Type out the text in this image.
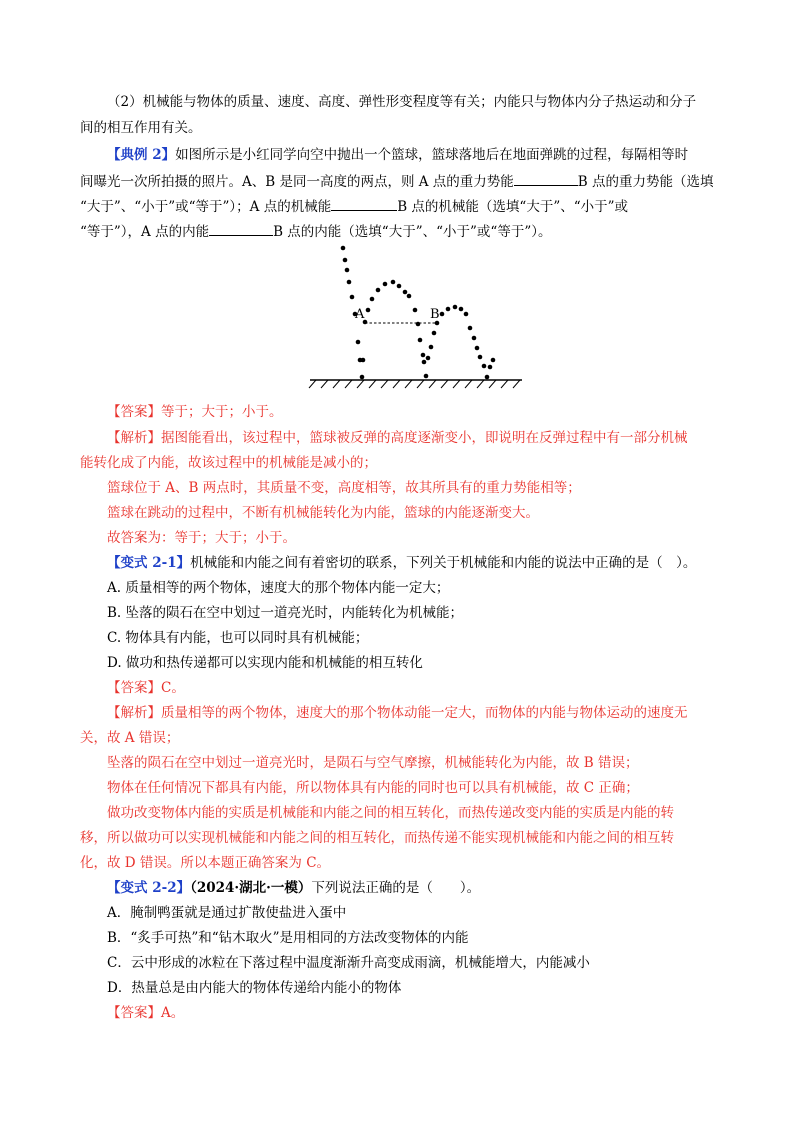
（2）机械能与物体的质量、速度、高度、弹性形变程度等有关；内能只与物体内分子热运动和分子
间的相互作用有关。
【典例 2】如图所示是小红同学向空中抛出一个篮球，篮球落地后在地面弹跳的过程，每隔相等时
间曝光一次所拍摄的照片。A、B 是同一高度的两点，则 A 点的重力势能	B 点的重力势能（选填
“大于”、“小于”或“等于”）；A 点的机械能	B 点的机械能（选填“大于”、“小于”或
“等于”），A 点的内能	B 点的内能（选填“大于”、“小于”或“等于”）。
A	B
【答案】等于；大于；小于。
【解析】据图能看出，该过程中，篮球被反弹的高度逐渐变小，即说明在反弹过程中有一部分机械
能转化成了内能，故该过程中的机械能是减小的；
篮球位于 A、B 两点时，其质量不变，高度相等，故其所具有的重力势能相等；
篮球在跳动的过程中，不断有机械能转化为内能，篮球的内能逐渐变大。
故答案为：等于；大于；小于。
【变式 2-1】机械能和内能之间有着密切的联系，下列关于机械能和内能的说法中正确的是（　）。
A. 质量相等的两个物体，速度大的那个物体内能一定大；
B. 坠落的陨石在空中划过一道亮光时，内能转化为机械能；
C. 物体具有内能，也可以同时具有机械能；
D. 做功和热传递都可以实现内能和机械能的相互转化
【答案】C。
【解析】质量相等的两个物体，速度大的那个物体动能一定大，而物体的内能与物体运动的速度无
关，故 A 错误；
坠落的陨石在空中划过一道亮光时，是陨石与空气摩擦，机械能转化为内能，故 B 错误；
物体在任何情况下都具有内能，所以物体具有内能的同时也可以具有机械能，故 C 正确；
做功改变物体内能的实质是机械能和内能之间的相互转化，而热传递改变内能的实质是内能的转
移，所以做功可以实现机械能和内能之间的相互转化，而热传递不能实现机械能和内能之间的相互转
化，故 D 错误。所以本题正确答案为 C。
【变式 2-2】（2024·湖北·一模）下列说法正确的是（　　）。
A．腌制鸭蛋就是通过扩散使盐进入蛋中
B．“炙手可热”和“钻木取火”是用相同的方法改变物体的内能
C．云中形成的冰粒在下落过程中温度渐渐升高变成雨滴，机械能增大，内能减小
D．热量总是由内能大的物体传递给内能小的物体
【答案】A。
